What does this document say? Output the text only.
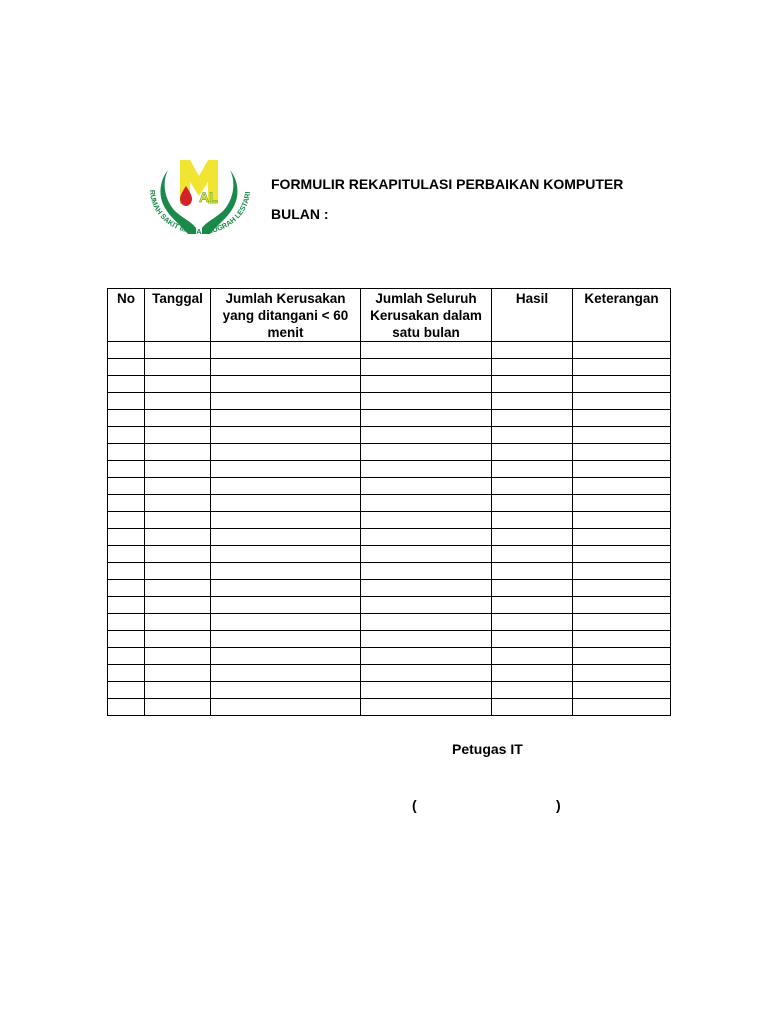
AL
RUMAH SAKIT MITRA ANUGRAH LESTARI
FORMULIR REKAPITULASI PERBAIKAN KOMPUTER
BULAN :
No	Tanggal	Jumlah Kerusakan yang ditangani < 60 menit	Jumlah Seluruh Kerusakan dalam satu bulan	Hasil	Keterangan

Petugas IT
(	)
